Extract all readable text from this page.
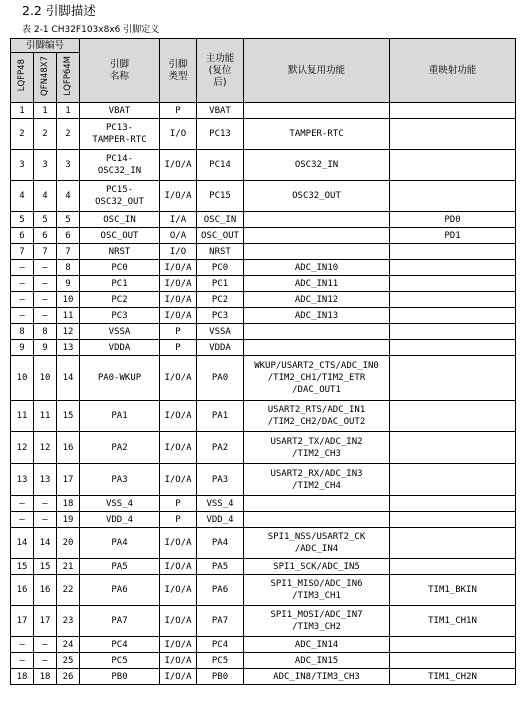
2.2 引脚描述
表 2-1 CH32F103x8x6 引脚定义
引脚编号			引脚
名称	引脚
类型	主功能
(复位
后)	默认复用功能	重映射功能
LQFP48	QFN48X7	LQFP64M					
1	1	1	VBAT	P	VBAT		
2	2	2	PC13-
TAMPER-RTC	I/O	PC13	TAMPER-RTC	
3	3	3	PC14-
OSC32_IN	I/O/A	PC14	OSC32_IN	
4	4	4	PC15-
OSC32_OUT	I/O/A	PC15	OSC32_OUT	
5	5	5	OSC_IN	I/A	OSC_IN		PD0
6	6	6	OSC_OUT	O/A	OSC_OUT		PD1
7	7	7	NRST	I/O	NRST		
–	–	8	PC0	I/O/A	PC0	ADC_IN10	
–	–	9	PC1	I/O/A	PC1	ADC_IN11	
–	–	10	PC2	I/O/A	PC2	ADC_IN12	
–	–	11	PC3	I/O/A	PC3	ADC_IN13	
8	8	12	VSSA	P	VSSA		
9	9	13	VDDA	P	VDDA		
10	10	14	PA0-WKUP	I/O/A	PA0	WKUP/USART2_CTS/ADC_IN0
/TIM2_CH1/TIM2_ETR
/DAC_OUT1	
11	11	15	PA1	I/O/A	PA1	USART2_RTS/ADC_IN1
/TIM2_CH2/DAC_OUT2	
12	12	16	PA2	I/O/A	PA2	USART2_TX/ADC_IN2
/TIM2_CH3	
13	13	17	PA3	I/O/A	PA3	USART2_RX/ADC_IN3
/TIM2_CH4	
–	–	18	VSS_4	P	VSS_4		
–	–	19	VDD_4	P	VDD_4		
14	14	20	PA4	I/O/A	PA4	SPI1_NSS/USART2_CK
/ADC_IN4	
15	15	21	PA5	I/O/A	PA5	SPI1_SCK/ADC_IN5	
16	16	22	PA6	I/O/A	PA6	SPI1_MISO/ADC_IN6
/TIM3_CH1	TIM1_BKIN
17	17	23	PA7	I/O/A	PA7	SPI1_MOSI/ADC_IN7
/TIM3_CH2	TIM1_CH1N
–	–	24	PC4	I/O/A	PC4	ADC_IN14	
–	–	25	PC5	I/O/A	PC5	ADC_IN15	
18	18	26	PB0	I/O/A	PB0	ADC_IN8/TIM3_CH3	TIM1_CH2N
